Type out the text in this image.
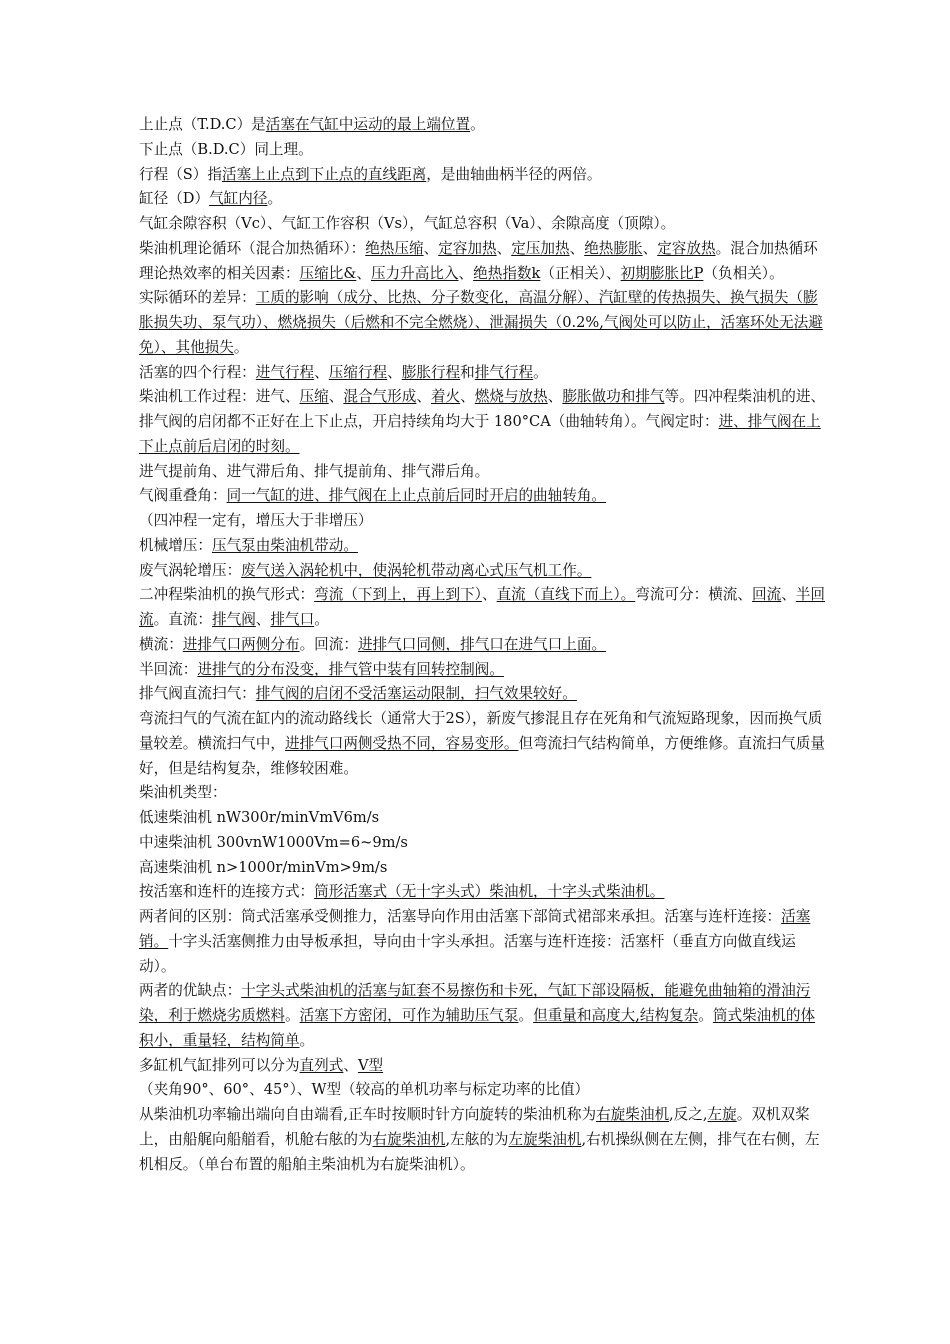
上止点（T.D.C）是活塞在气缸中运动的最上端位置。

下止点（B.D.C）同上理。

行程（S）指活塞上止点到下止点的直线距离，是曲轴曲柄半径的两倍。

缸径（D）气缸内径。

气缸余隙容积（Vc）、气缸工作容积（Vs），气缸总容积（Va）、余隙高度（顶隙）。

柴油机理论循环（混合加热循环）：绝热压缩、定容加热、定压加热、绝热膨胀、定容放热。混合加热循环理论热效率的相关因素：压缩比&、压力升高比入、绝热指数k（正相关）、初期膨胀比P（负相关）。

实际循环的差异：工质的影响（成分、比热、分子数变化，高温分解）、汽缸壁的传热损失、换气损失（膨胀损失功、泵气功）、燃烧损失（后燃和不完全燃烧）、泄漏损失（0.2%,气阀处可以防止，活塞环处无法避免）、其他损失。

活塞的四个行程：进气行程、压缩行程、膨胀行程和排气行程。

柴油机工作过程：进气、压缩、混合气形成、着火、燃烧与放热、膨胀做功和排气等。四冲程柴油机的进、排气阀的启闭都不正好在上下止点，开启持续角均大于 180°CA（曲轴转角）。气阀定时：进、排气阀在上下止点前后启闭的时刻。

进气提前角、进气滞后角、排气提前角、排气滞后角。

气阀重叠角：同一气缸的进、排气阀在上止点前后同时开启的曲轴转角。（四冲程一定有，增压大于非增压）

机械增压：压气泵由柴油机带动。

废气涡轮增压：废气送入涡轮机中，使涡轮机带动离心式压气机工作。

二冲程柴油机的换气形式：弯流（下到上，再上到下）、直流（直线下而上）。弯流可分：横流、回流、半回流。直流：排气阀、排气口。

横流：进排气口两侧分布。回流：进排气口同侧，排气口在进气口上面。

半回流：进排气的分布没变，排气管中装有回转控制阀。

排气阀直流扫气：排气阀的启闭不受活塞运动限制，扫气效果较好。

弯流扫气的气流在缸内的流动路线长（通常大于2S），新废气掺混且存在死角和气流短路现象，因而换气质量较差。横流扫气中，进排气口两侧受热不同，容易变形。但弯流扫气结构简单，方便维修。直流扫气质量好，但是结构复杂，维修较困难。

柴油机类型：

低速柴油机 nW300r/minVmV6m/s

中速柴油机 300vnW1000Vm=6~9m/s

高速柴油机 n>1000r/minVm>9m/s

按活塞和连杆的连接方式：筒形活塞式（无十字头式）柴油机，十字头式柴油机。

两者间的区别：筒式活塞承受侧推力，活塞导向作用由活塞下部筒式裙部来承担。活塞与连杆连接：活塞销。十字头活塞侧推力由导板承担，导向由十字头承担。活塞与连杆连接：活塞杆（垂直方向做直线运动）。

两者的优缺点：十字头式柴油机的活塞与缸套不易擦伤和卡死，气缸下部设隔板，能避免曲轴箱的滑油污染，利于燃烧劣质燃料。活塞下方密闭，可作为辅助压气泵。但重量和高度大,结构复杂。筒式柴油机的体积小，重量轻，结构简单。

多缸机气缸排列可以分为直列式、V型（夹角90°、60°、45°）、W型（较高的单机功率与标定功率的比值）

从柴油机功率输出端向自由端看,正车时按顺时针方向旋转的柴油机称为右旋柴油机,反之,左旋。双机双桨上，由船艉向船艏看，机舱右舷的为右旋柴油机,左舷的为左旋柴油机,右机操纵侧在左侧，排气在右侧，左机相反。（单台布置的船舶主柴油机为右旋柴油机）。
